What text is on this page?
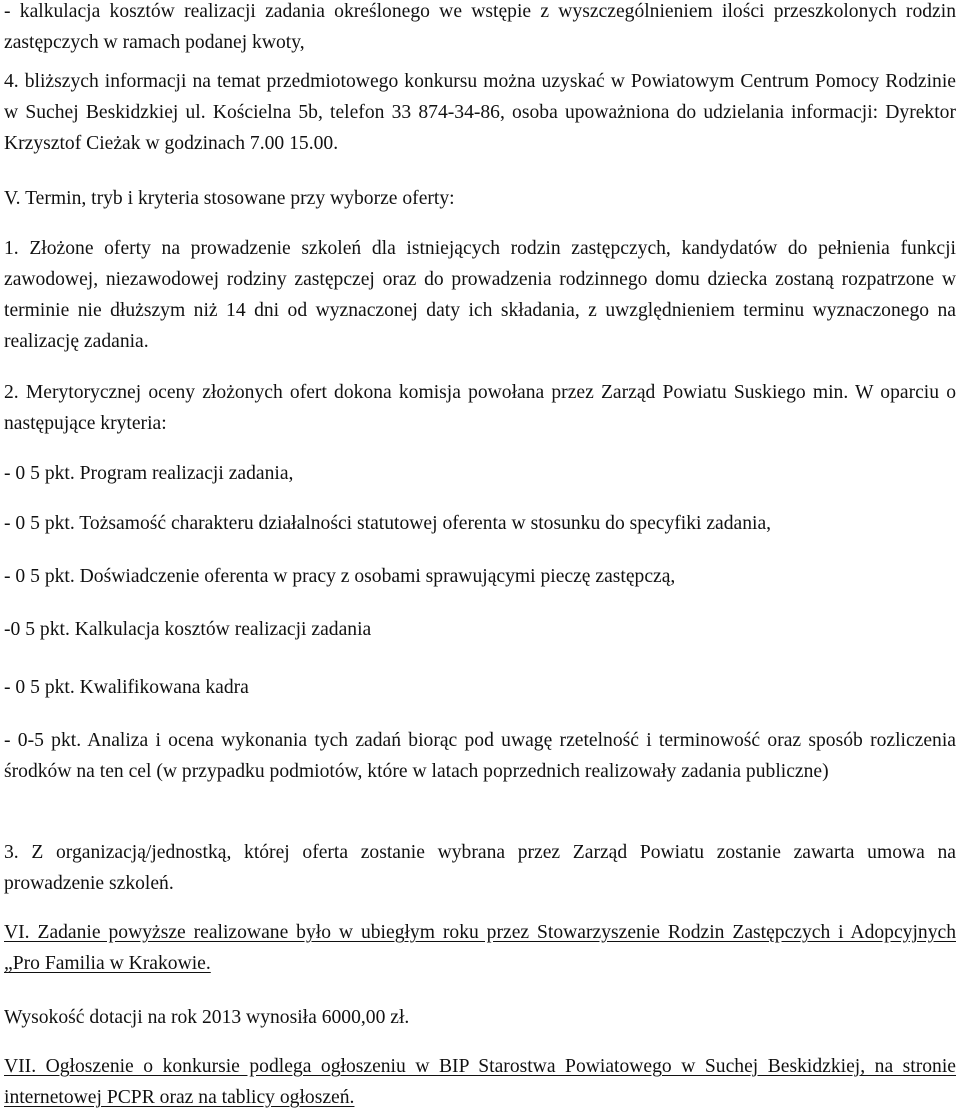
- kalkulacja kosztów realizacji zadania określonego we wstępie z wyszczególnieniem ilości przeszkolonych rodzin zastępczych w ramach podanej kwoty,

4. bliższych informacji na temat przedmiotowego konkursu można uzyskać w Powiatowym Centrum Pomocy Rodzinie w Suchej Beskidzkiej ul. Kościelna 5b, telefon 33 874-34-86, osoba upoważniona do udzielania informacji: Dyrektor Krzysztof Cieżak w godzinach 7.00 15.00.

V. Termin, tryb i kryteria stosowane przy wyborze oferty:

1. Złożone oferty na prowadzenie szkoleń dla istniejących rodzin zastępczych, kandydatów do pełnienia funkcji zawodowej, niezawodowej rodziny zastępczej oraz do prowadzenia rodzinnego domu dziecka zostaną rozpatrzone w terminie nie dłuższym niż 14 dni od wyznaczonej daty ich składania, z uwzględnieniem terminu wyznaczonego na realizację zadania.

2. Merytorycznej oceny złożonych ofert dokona komisja powołana przez Zarząd Powiatu Suskiego min. W oparciu o następujące kryteria:

- 0 5 pkt. Program realizacji zadania,
- 0 5 pkt. Tożsamość charakteru działalności statutowej oferenta w stosunku do specyfiki zadania,
- 0 5 pkt. Doświadczenie oferenta w pracy z osobami sprawującymi pieczę zastępczą,
-0 5 pkt. Kalkulacja kosztów realizacji zadania
- 0 5 pkt. Kwalifikowana kadra

- 0-5 pkt. Analiza i ocena wykonania tych zadań biorąc pod uwagę rzetelność i terminowość oraz sposób rozliczenia środków na ten cel (w przypadku podmiotów, które w latach poprzednich realizowały zadania publiczne)

3. Z organizacją/jednostką, której oferta zostanie wybrana przez Zarząd Powiatu zostanie zawarta umowa na prowadzenie szkoleń.

VI. Zadanie powyższe realizowane było w ubiegłym roku przez Stowarzyszenie Rodzin Zastępczych i Adopcyjnych „Pro Familia w Krakowie.

Wysokość dotacji na rok 2013 wynosiła 6000,00 zł.

VII. Ogłoszenie o konkursie podlega ogłoszeniu w BIP Starostwa Powiatowego w Suchej Beskidzkiej, na stronie internetowej PCPR oraz na tablicy ogłoszeń.
